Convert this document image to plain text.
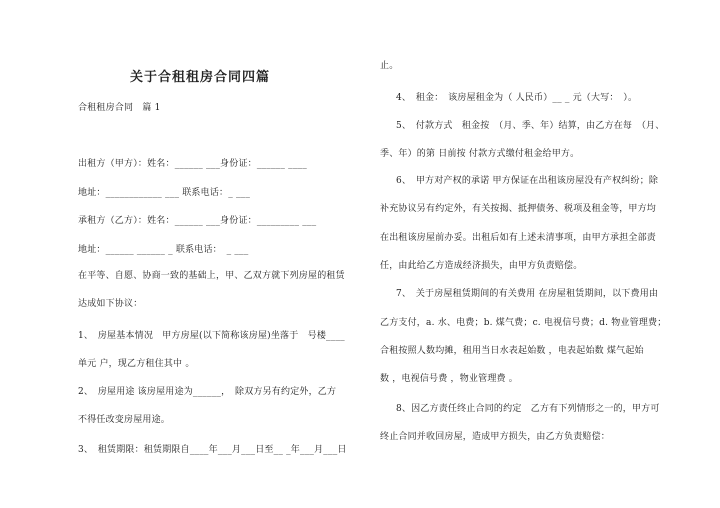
关于合租租房合同四篇
合租租房合同　篇 1
出租方（甲方）：姓名：______ ___身份证：______ ____
地址：____________ ___ 联系电话：_ ___
承租方（乙方）：姓名：______ ___身份证：_________ ___
地址：______ ______ _ 联系电话：　_ ___
在平等、自愿、协商一致的基础上，甲、乙双方就下列房屋的租赁
达成如下协议：
1、　房屋基本情况　甲方房屋(以下简称该房屋)坐落于　号楼____
单元 户，现乙方租住其中 。
2、　房屋用途 该房屋用途为______，　除双方另有约定外，乙方
不得任改变房屋用途。
3、　租赁期限：租赁期限自____年___月___日至__ _年___月___日
止。
4、　租金：　该房屋租金为（ 人民币）__ _ 元（大写：　）。
5、　付款方式　租金按　（月、季、年）结算，由乙方在每　（月、
季、年）的第 日前按 付款方式缴付租金给甲方。
6、　甲方对产权的承诺 甲方保证在出租该房屋没有产权纠纷；除
补充协议另有约定外，有关按揭、抵押债务、税项及租金等，甲方均
在出租该房屋前办妥。出租后如有上述未清事项，由甲方承担全部责
任，由此给乙方造成经济损失，由甲方负责赔偿。
7、　关于房屋租赁期间的有关费用 在房屋租赁期间，以下费用由
乙方支付，a. 水、电费；b. 煤气费；c. 电视信号费；d. 物业管理费；
合租按照人数均摊，租用当日水表起始数 ，电表起始数 煤气起始
数 ，电视信号费 ，物业管理费 。
8、因乙方责任终止合同的约定　乙方有下列情形之一的，甲方可
终止合同并收回房屋，造成甲方损失，由乙方负责赔偿：
